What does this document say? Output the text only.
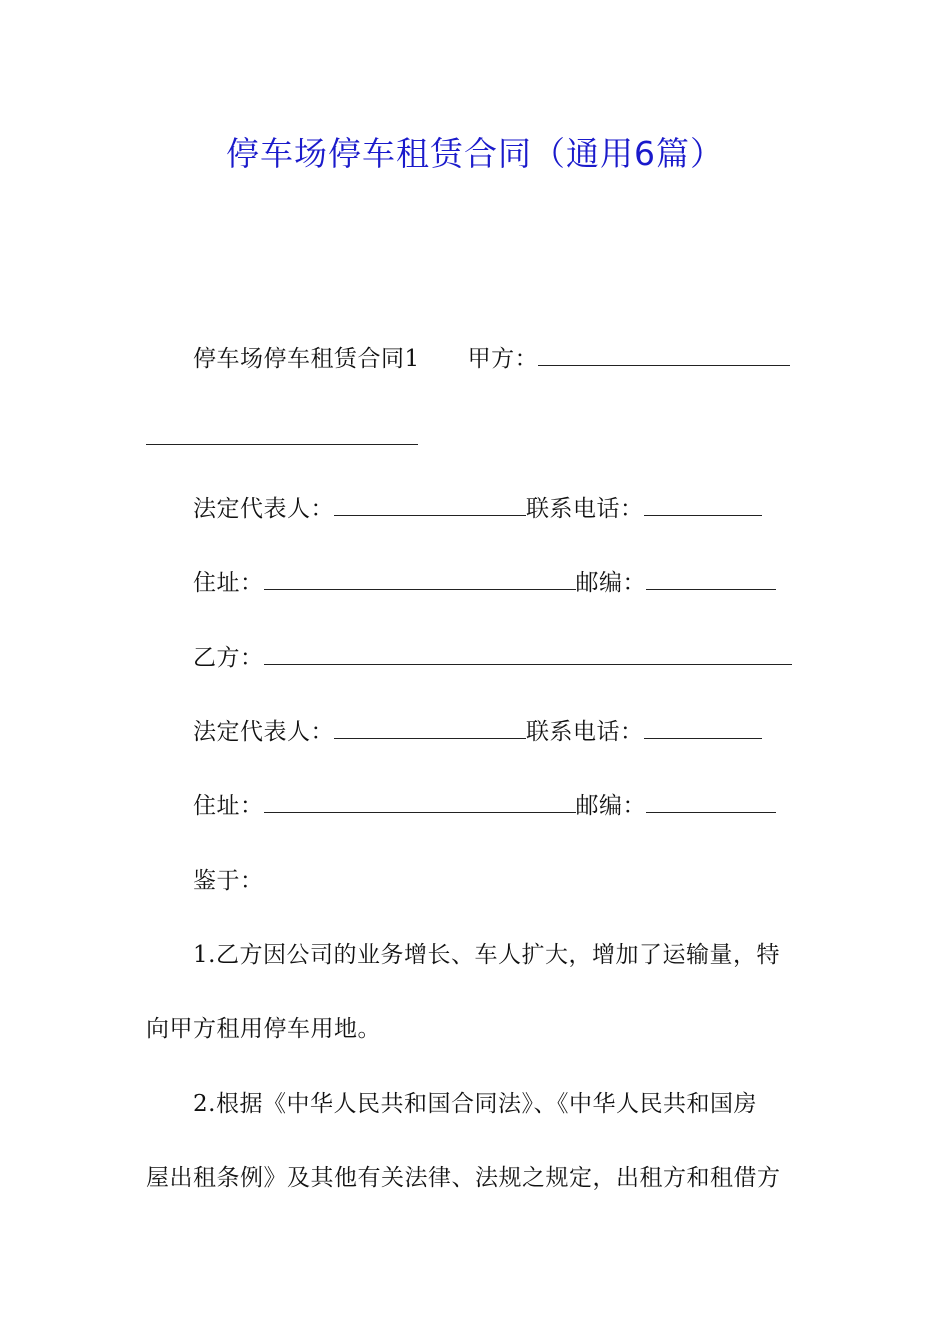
停车场停车租赁合同（通用6篇）
停车场停车租赁合同1 甲方：
法定代表人：	联系电话：
住址：	邮编：
乙方：
法定代表人：	联系电话：
住址：	邮编：
鉴于：
1.乙方因公司的业务增长、车人扩大，增加了运输量，特
向甲方租用停车用地。
2.根据《中华人民共和国合同法》、《中华人民共和国房
屋出租条例》及其他有关法律、法规之规定，出租方和租借方
